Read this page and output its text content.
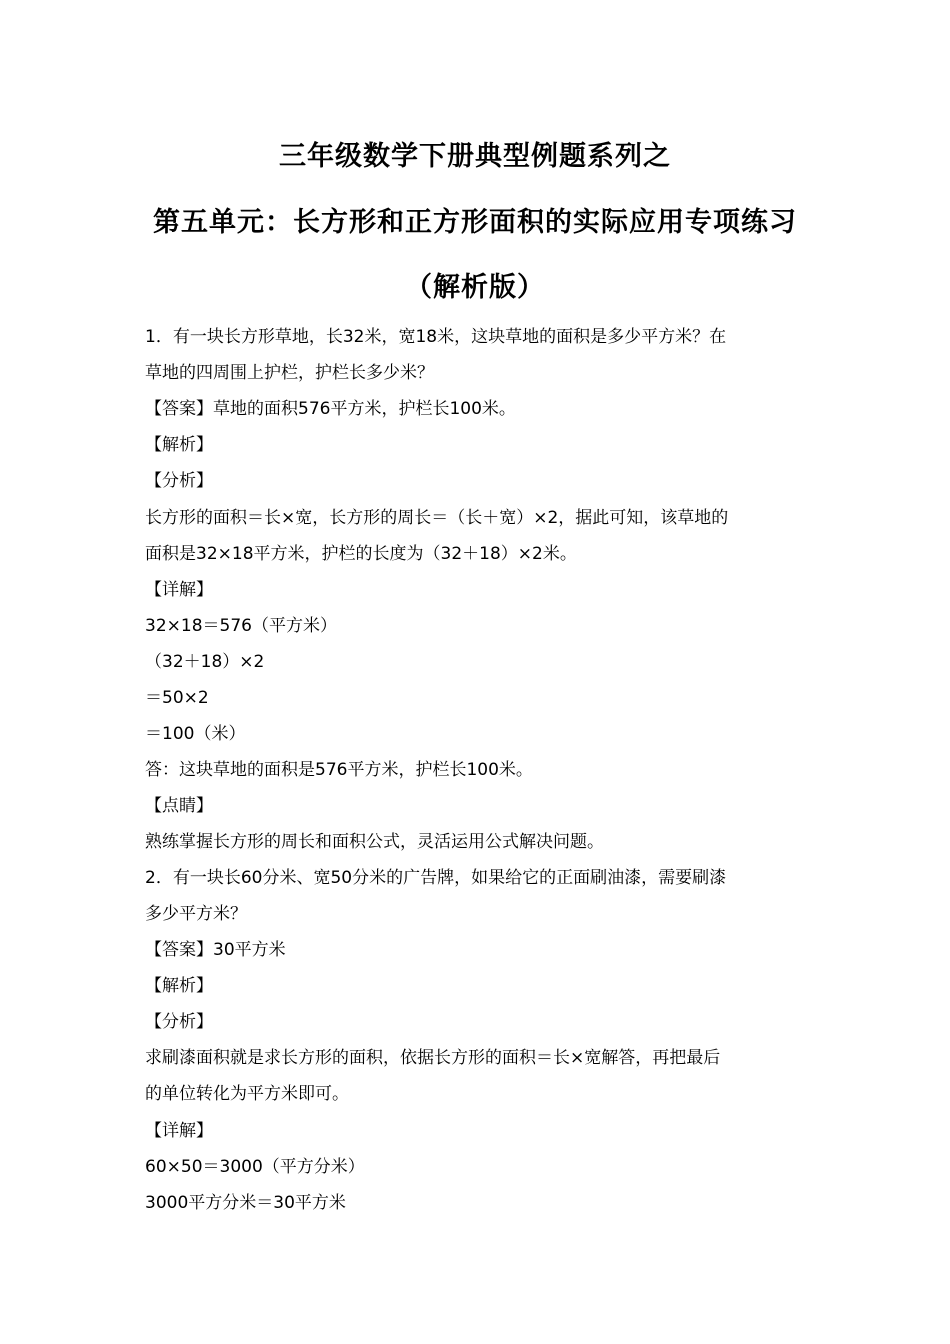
三年级数学下册典型例题系列之
第五单元：长方形和正方形面积的实际应用专项练习
（解析版）
1．有一块长方形草地，长32米，宽18米，这块草地的面积是多少平方米？在
草地的四周围上护栏，护栏长多少米？
【答案】草地的面积576平方米，护栏长100米。
【解析】
【分析】
长方形的面积＝长×宽，长方形的周长＝（长＋宽）×2，据此可知，该草地的
面积是32×18平方米，护栏的长度为（32＋18）×2米。
【详解】
32×18＝576（平方米）
（32＋18）×2
＝50×2
＝100（米）
答：这块草地的面积是576平方米，护栏长100米。
【点睛】
熟练掌握长方形的周长和面积公式，灵活运用公式解决问题。
2．有一块长60分米、宽50分米的广告牌，如果给它的正面刷油漆，需要刷漆
多少平方米？
【答案】30平方米
【解析】
【分析】
求刷漆面积就是求长方形的面积，依据长方形的面积＝长×宽解答，再把最后
的单位转化为平方米即可。
【详解】
60×50＝3000（平方分米）
3000平方分米＝30平方米
